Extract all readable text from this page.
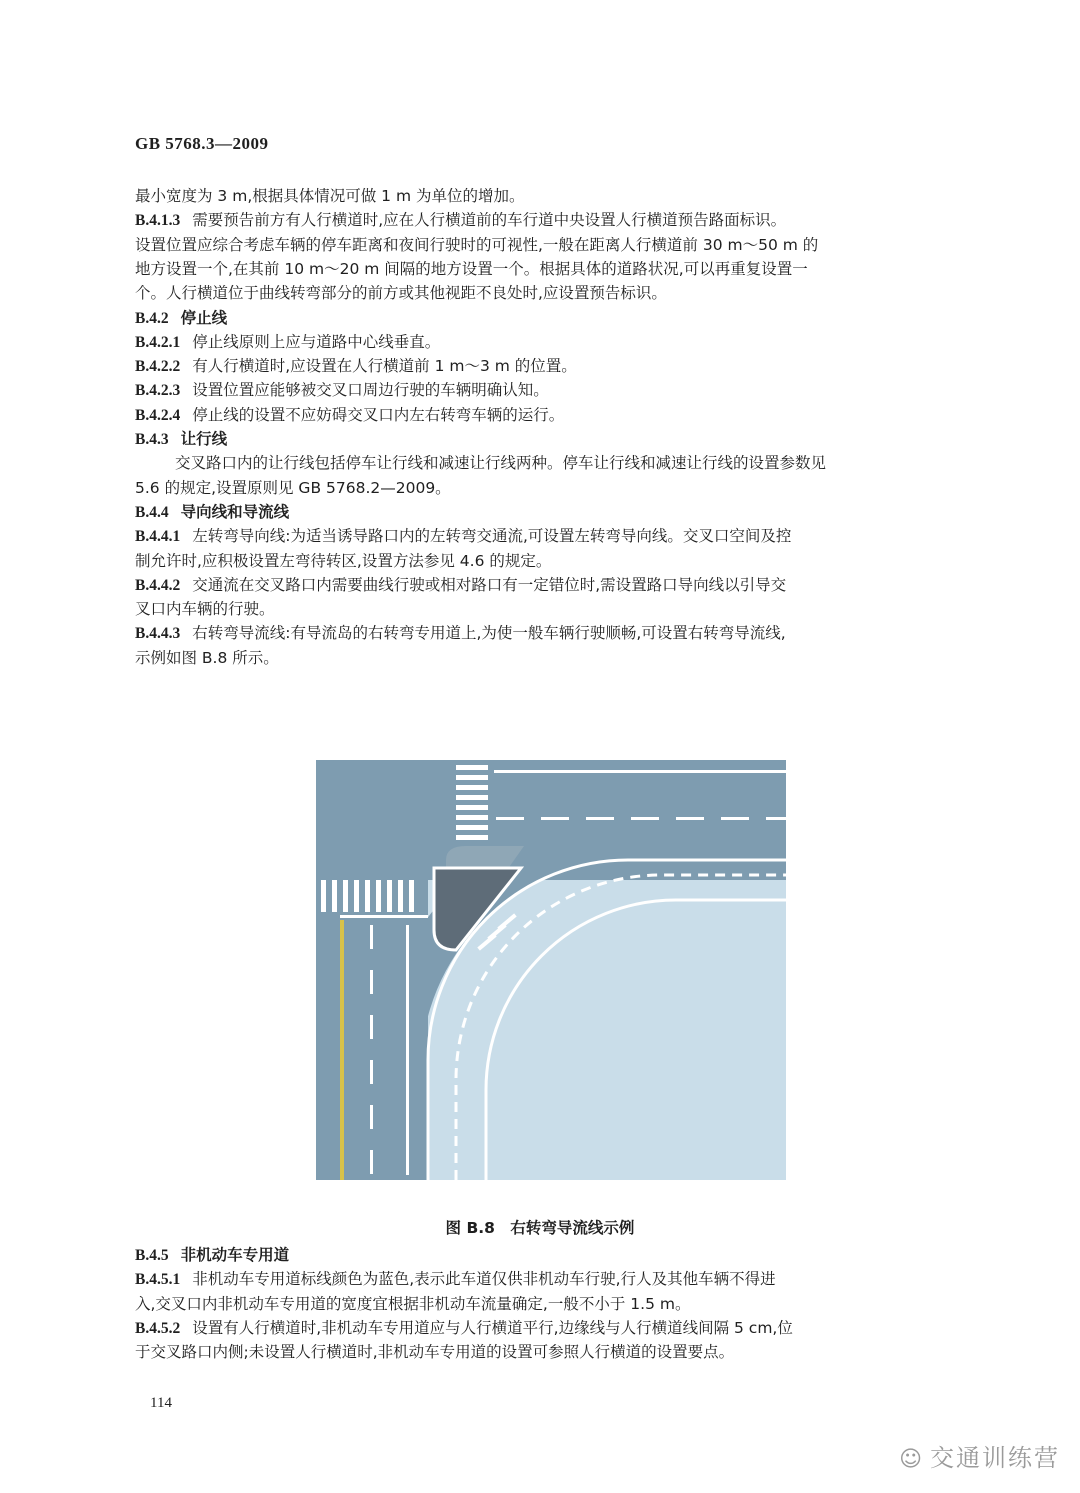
GB 5768.3—2009
最小宽度为 3 m,根据具体情况可做 1 m 为单位的增加。
B.4.1.3 需要预告前方有人行横道时,应在人行横道前的车行道中央设置人行横道预告路面标识。
设置位置应综合考虑车辆的停车距离和夜间行驶时的可视性,一般在距离人行横道前 30 m～50 m 的
地方设置一个,在其前 10 m～20 m 间隔的地方设置一个。根据具体的道路状况,可以再重复设置一
个。人行横道位于曲线转弯部分的前方或其他视距不良处时,应设置预告标识。
B.4.2 停止线
B.4.2.1 停止线原则上应与道路中心线垂直。
B.4.2.2 有人行横道时,应设置在人行横道前 1 m～3 m 的位置。
B.4.2.3 设置位置应能够被交叉口周边行驶的车辆明确认知。
B.4.2.4 停止线的设置不应妨碍交叉口内左右转弯车辆的运行。
B.4.3 让行线
交叉路口内的让行线包括停车让行线和减速让行线两种。停车让行线和减速让行线的设置参数见
5.6 的规定,设置原则见 GB 5768.2—2009。
B.4.4 导向线和导流线
B.4.4.1 左转弯导向线:为适当诱导路口内的左转弯交通流,可设置左转弯导向线。交叉口空间及控
制允许时,应积极设置左弯待转区,设置方法参见 4.6 的规定。
B.4.4.2 交通流在交叉路口内需要曲线行驶或相对路口有一定错位时,需设置路口导向线以引导交
叉口内车辆的行驶。
B.4.4.3 右转弯导流线:有导流岛的右转弯专用道上,为使一般车辆行驶顺畅,可设置右转弯导流线,
示例如图 B.8 所示。
图 B.8　右转弯导流线示例
B.4.5 非机动车专用道
B.4.5.1 非机动车专用道标线颜色为蓝色,表示此车道仅供非机动车行驶,行人及其他车辆不得进
入,交叉口内非机动车专用道的宽度宜根据非机动车流量确定,一般不小于 1.5 m。
B.4.5.2 设置有人行横道时,非机动车专用道应与人行横道平行,边缘线与人行横道线间隔 5 cm,位
于交叉路口内侧;未设置人行横道时,非机动车专用道的设置可参照人行横道的设置要点。
114
☺ 交通训练营
